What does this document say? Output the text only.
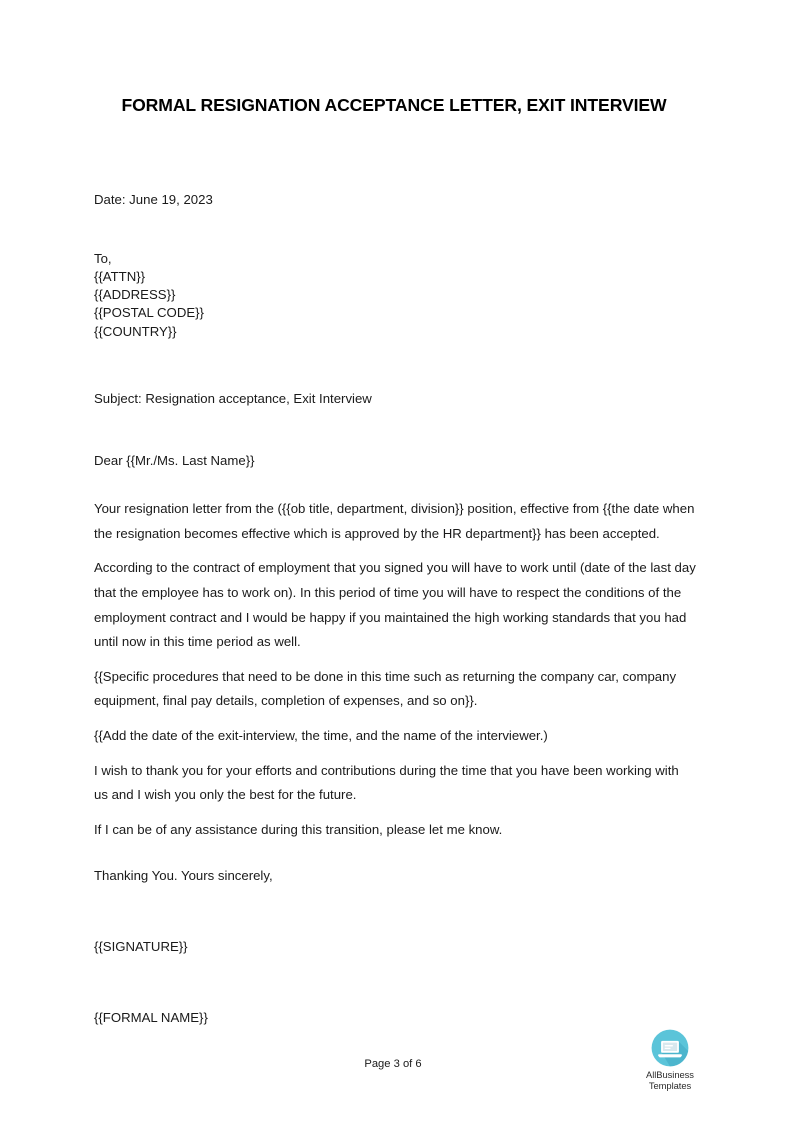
FORMAL RESIGNATION ACCEPTANCE LETTER, EXIT INTERVIEW
Date: June 19, 2023
To,
{{ATTN}}
{{ADDRESS}}
{{POSTAL CODE}}
{{COUNTRY}}
Subject: Resignation acceptance, Exit Interview
Dear {{Mr./Ms. Last Name}}

Your resignation letter from the ({{ob title, department, division}} position, effective from {{the date when the resignation becomes effective which is approved by the HR department}} has been accepted.

According to the contract of employment that you signed you will have to work until (date of the last day that the employee has to work on). In this period of time you will have to respect the conditions of the employment contract and I would be happy if you maintained the high working standards that you had until now in this time period as well.

{{Specific procedures that need to be done in this time such as returning the company car, company equipment, final pay details, completion of expenses, and so on}}.

{{Add the date of the exit-interview, the time, and the name of the interviewer.)

I wish to thank you for your efforts and contributions during the time that you have been working with us and I wish you only the best for the future.

If I can be of any assistance during this transition, please let me know.

Thanking You. Yours sincerely,
{{SIGNATURE}}
{{FORMAL NAME}}
Page 3 of 6
AllBusiness
Templates
